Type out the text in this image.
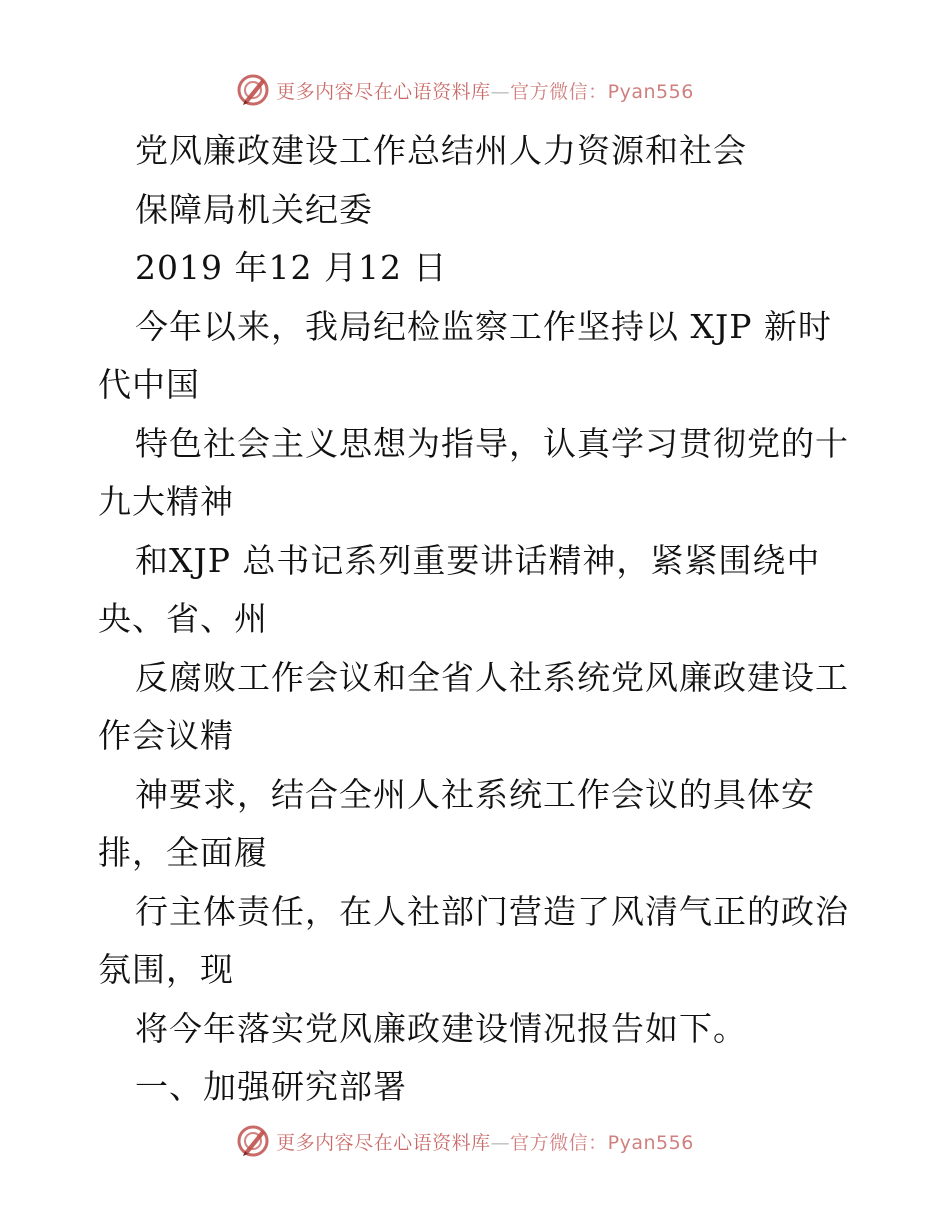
更多内容尽在心语资料库—官方微信：Pyan556
党风廉政建设工作总结州人力资源和社会
保障局机关纪委
2019 年12 月12 日
今年以来，我局纪检监察工作坚持以 XJP 新时
代中国
特色社会主义思想为指导，认真学习贯彻党的十
九大精神
和XJP 总书记系列重要讲话精神，紧紧围绕中
央、省、州
反腐败工作会议和全省人社系统党风廉政建设工
作会议精
神要求，结合全州人社系统工作会议的具体安
排，全面履
行主体责任，在人社部门营造了风清气正的政治
氛围，现
将今年落实党风廉政建设情况报告如下。
一、加强研究部署
更多内容尽在心语资料库—官方微信：Pyan556
